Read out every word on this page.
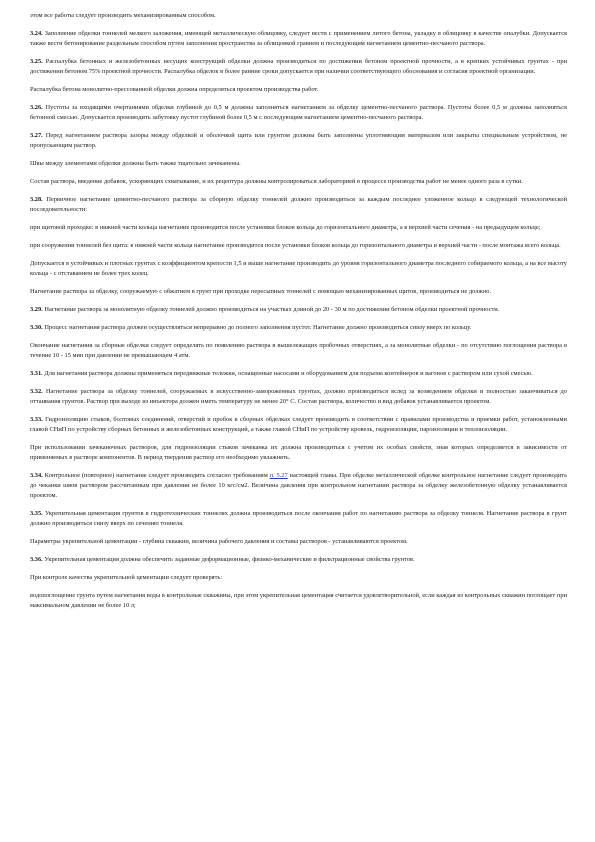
этом все работы следует производить механизированным способом.

3.24. Заполнение обделки тоннелей мелкого заложения, имеющей металлическую облицовку, следует вести с применением литого бетона, укладку в облицовку в качестве опалубки. Допускается также вести бетонирование раздельным способом путем заполнения пространства за облицовкой гравием и последующим нагнетанием цементно-песчаного раствора.

3.25. Распалубка бетонных и железобетонных несущих конструкций обделки должна производиться по достижении бетоном проектной прочности, а в крепких устойчивых грунтах - при достижении бетоном 75% проектной прочности. Распалубка обделок в более ранние сроки допускается при наличии соответствующего обоснования и согласия проектной организации.

Распалубка бетона монолитно-прессованной обделки должна определяться проектом производства работ.

3.26. Пустоты за входящими очертаниями обделки глубиной до 0,5 м должны заполняться нагнетанием за обделку цементно-песчаного раствора. Пустоты более 0,5 м должны заполняться бетонной смесью. Допускается производить забутовку пустот глубиной более 0,5 м с последующим нагнетанием цементно-песчаного раствора.

3.27. Перед нагнетанием раствора зазоры между обделкой и оболочкой щита или грунтом должны быть заполнены уплотняющим материалом или закрыты специальным устройством, не пропускающим раствор.

Швы между элементами обделки должны быть также тщательно зачеканены.

Состав раствора, введение добавок, ускоряющих схватывание, и их рецептура должны контролироваться лабораторией в процессе производства работ не менее одного раза в сутки.

3.28. Первичное нагнетание цементно-песчаного раствора за сборную обделку тоннелей должно производиться за каждым последнее уложенное кольцо в следующей технологической последовательности:

при щитовой проходке: в нижней части кольца нагнетание производится после установки блоков кольца до горизонтального диаметра, а в верхней части сечения - на предыдущем кольце;

при сооружении тоннелей без щита: в нижней части кольца нагнетание производится после установки блоков кольца до горизонтального диаметра и верхней части - после монтажа всего кольца.

Допускается в устойчивых и плотных грунтах с коэффициентом крепости 1,5 и выше нагнетание производить до уровня горизонтального диаметра последнего собираемого кольца, а на все высоту кольца - с отставанием не более трех колец.

Нагнетание раствора за обделку, сооружаемую с обжатием в грунт при проходке пересыпных тоннелей с помощью механизированных щитов, производиться не должно.

3.29. Нагнетание раствора за монолитную обделку тоннелей должно производиться на участках длиной до 20 - 30 м по достижении бетоном обделки проектной прочности.

3.30. Процесс нагнетания раствора должен осуществляться непрерывно до полного заполнения пустот. Нагнетание должно производиться снизу вверх по кольцу.

Окончание нагнетания за сборные обделки следует определять по появлению раствора в вышележащих пробочных отверстиях, а за монолитные обделки - по отсутствию поглощения раствора в течение 10 - 15 мин при давлении не превышающем 4 атм.

3.31. Для нагнетания раствора должны применяться передвижные тележки, оснащенные насосами и оборудованием для подъема контейнеров и вагонов с раствором или сухой смесью.

3.32. Нагнетание раствора за обделку тоннелей, сооружаемых в искусственно-замороженных грунтах, должно производиться вслед за возведением обделки и полностью заканчиваться до оттаивания грунтов. Раствор при выходе из инъектора должен иметь температуру не менее 20° С. Состав раствора, количество и вид добавок устанавливается проектом.

3.33. Гидроизоляцию стыков, болтовых соединений, отверстий и пробок в сборных обделках следует производить в соответствии с правилами производства и приемки работ, установленными главой СНиП по устройству сборных бетонных и железобетонных конструкций, а также главой СНиП по устройству кровель, гидроизоляции, пароизоляции и теплоизоляции.

При использовании зачеканочных растворов, для гидроизоляции стыков зачеканка их должна производиться с учетом их особых свойств, зная которых определяется в зависимости от применяемых в растворе компонентов. В период твердения раствор его необходимо увлажнять.

3.34. Контрольное (повторное) нагнетание следует производить согласно требованиям п. 5.27 настоящей главы. При обделке металлической обделке контрольное нагнетание следует производить до чеканки швов раствором рассчитанным при давлении не более 10 кгс/см2. Величина давления при контрольном нагнетании раствора за обделку железобетонную обделку устанавливается проектом.

3.35. Укрепительная цементация грунтов в гидротехнических тоннелях должна производиться после окончания работ по нагнетанию раствора за обделку тоннеля. Нагнетание раствора в грунт должно производиться снизу вверх по сечению тоннеля.

Параметры укрепительной цементации - глубина скважин, величина рабочего давления и составы растворов - устанавливаются проектом.

3.36. Укрепительная цементация должна обеспечить заданные деформационные, физико-механические и фильтрационные свойства грунтов.

При контроле качества укрепительной цементации следует проверять:

водопоглощение грунта путем нагнетания воды в контрольные скважины, при этом укрепительная цементация считается удовлетворительной, если каждая из контрольных скважин поглощает при максимальном давлении не более 10 л;
